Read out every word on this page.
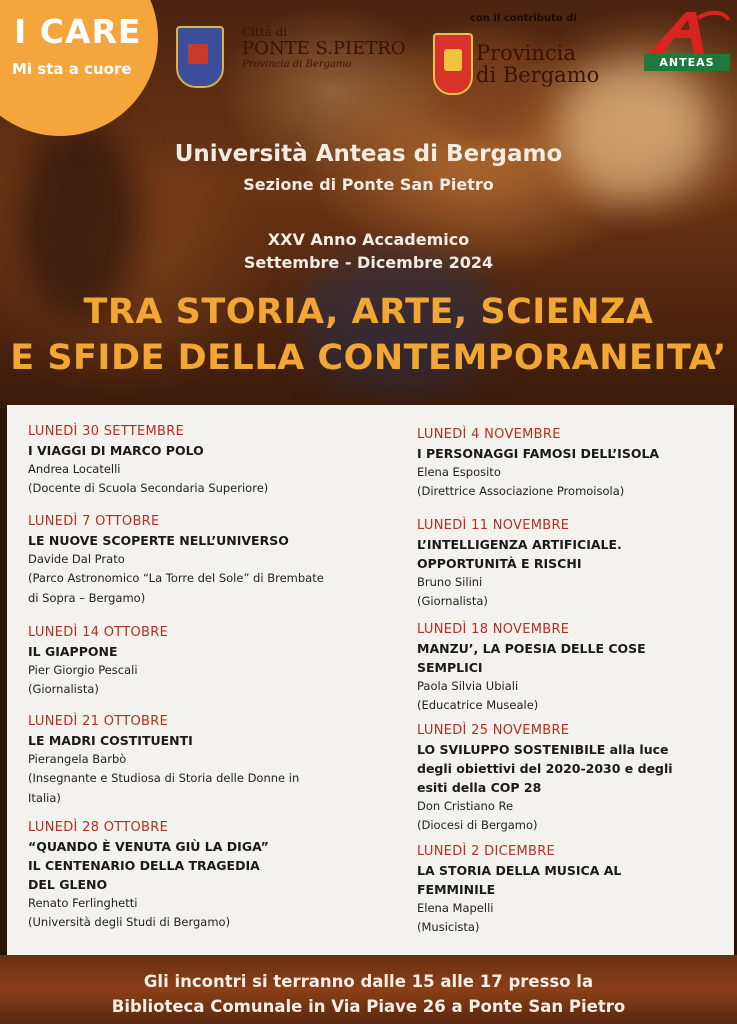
I CARE
Mi sta a cuore
Città di
PONTE S.PIETRO
Provincia di Bergamo
con il contributo di
Provincia
di Bergamo
ANTEAS
Università Anteas di Bergamo
Sezione di Ponte San Pietro
XXV Anno Accademico
Settembre - Dicembre 2024
TRA STORIA, ARTE, SCIENZA
E SFIDE DELLA CONTEMPORANEITA’
LUNEDÌ 30 SETTEMBRE
I VIAGGI DI MARCO POLO
Andrea Locatelli
(Docente di Scuola Secondaria Superiore)
LUNEDÌ 7 OTTOBRE
LE NUOVE SCOPERTE NELL’UNIVERSO
Davide Dal Prato
(Parco Astronomico “La Torre del Sole” di Brembate
di Sopra – Bergamo)
LUNEDÌ 14 OTTOBRE
IL GIAPPONE
Pier Giorgio Pescali
(Giornalista)
LUNEDÌ 21 OTTOBRE
LE MADRI COSTITUENTI
Pierangela Barbò
(Insegnante e Studiosa di Storia delle Donne in
Italia)
LUNEDÌ 28 OTTOBRE
“QUANDO È VENUTA GIÙ LA DIGA”
IL CENTENARIO DELLA TRAGEDIA
DEL GLENO
Renato Ferlinghetti
(Università degli Studi di Bergamo)
LUNEDÌ 4 NOVEMBRE
I PERSONAGGI FAMOSI DELL’ISOLA
Elena Esposito
(Direttrice Associazione Promoisola)
LUNEDÌ 11 NOVEMBRE
L’INTELLIGENZA ARTIFICIALE.
OPPORTUNITÀ E RISCHI
Bruno Silini
(Giornalista)
LUNEDÌ 18 NOVEMBRE
MANZU’, LA POESIA DELLE COSE
SEMPLICI
Paola Silvia Ubiali
(Educatrice Museale)
LUNEDÌ 25 NOVEMBRE
LO SVILUPPO SOSTENIBILE alla luce
degli obiettivi del 2020-2030 e degli
esiti della COP 28
Don Cristiano Re
(Diocesi di Bergamo)
LUNEDÌ 2 DICEMBRE
LA STORIA DELLA MUSICA AL
FEMMINILE
Elena Mapelli
(Musicista)
Gli incontri si terranno dalle 15 alle 17 presso la
Biblioteca Comunale in Via Piave 26 a Ponte San Pietro
